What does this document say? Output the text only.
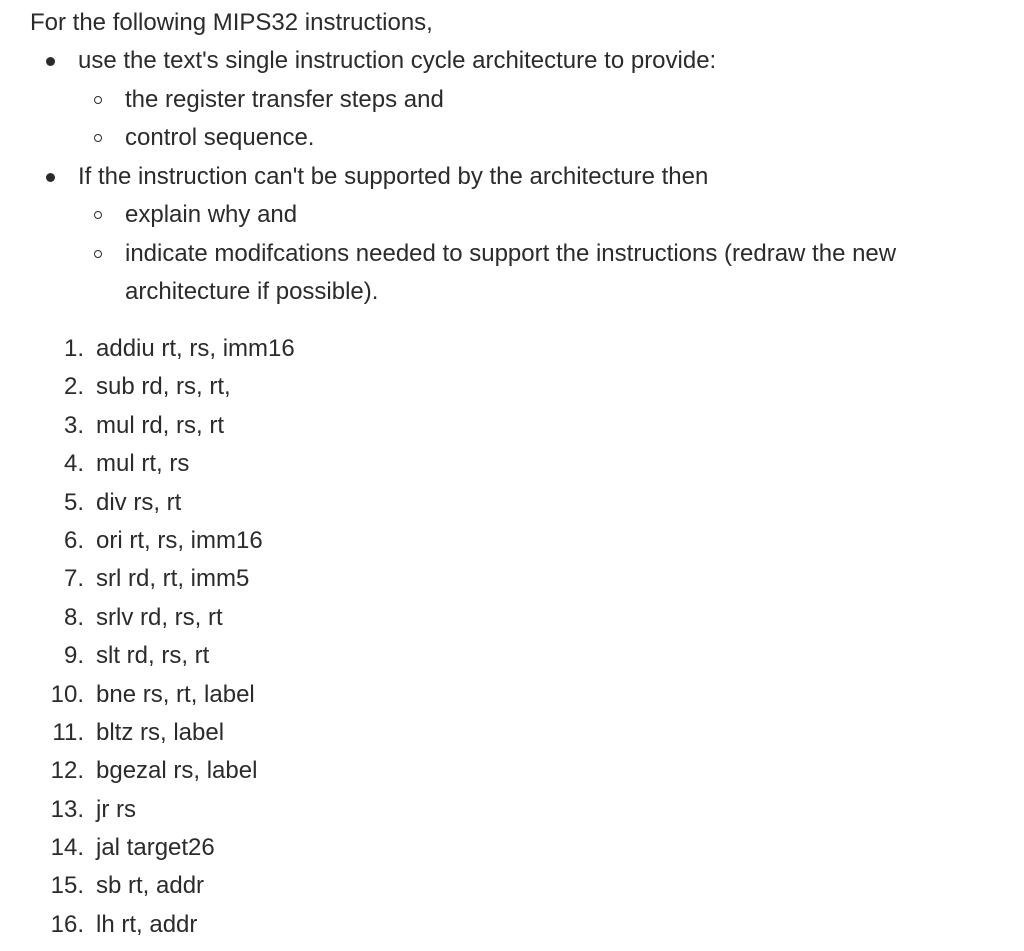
For the following MIPS32 instructions,
use the text's single instruction cycle architecture to provide:
the register transfer steps and
control sequence.
If the instruction can't be supported by the architecture then
explain why and
indicate modifcations needed to support the instructions (redraw the new architecture if possible).
1. addiu rt, rs, imm16
2. sub rd, rs, rt,
3. mul rd, rs, rt
4. mul rt, rs
5. div rs, rt
6. ori rt, rs, imm16
7. srl rd, rt, imm5
8. srlv rd, rs, rt
9. slt rd, rs, rt
10. bne rs, rt, label
11. bltz rs, label
12. bgezal rs, label
13. jr rs
14. jal target26
15. sb rt, addr
16. lh rt, addr
